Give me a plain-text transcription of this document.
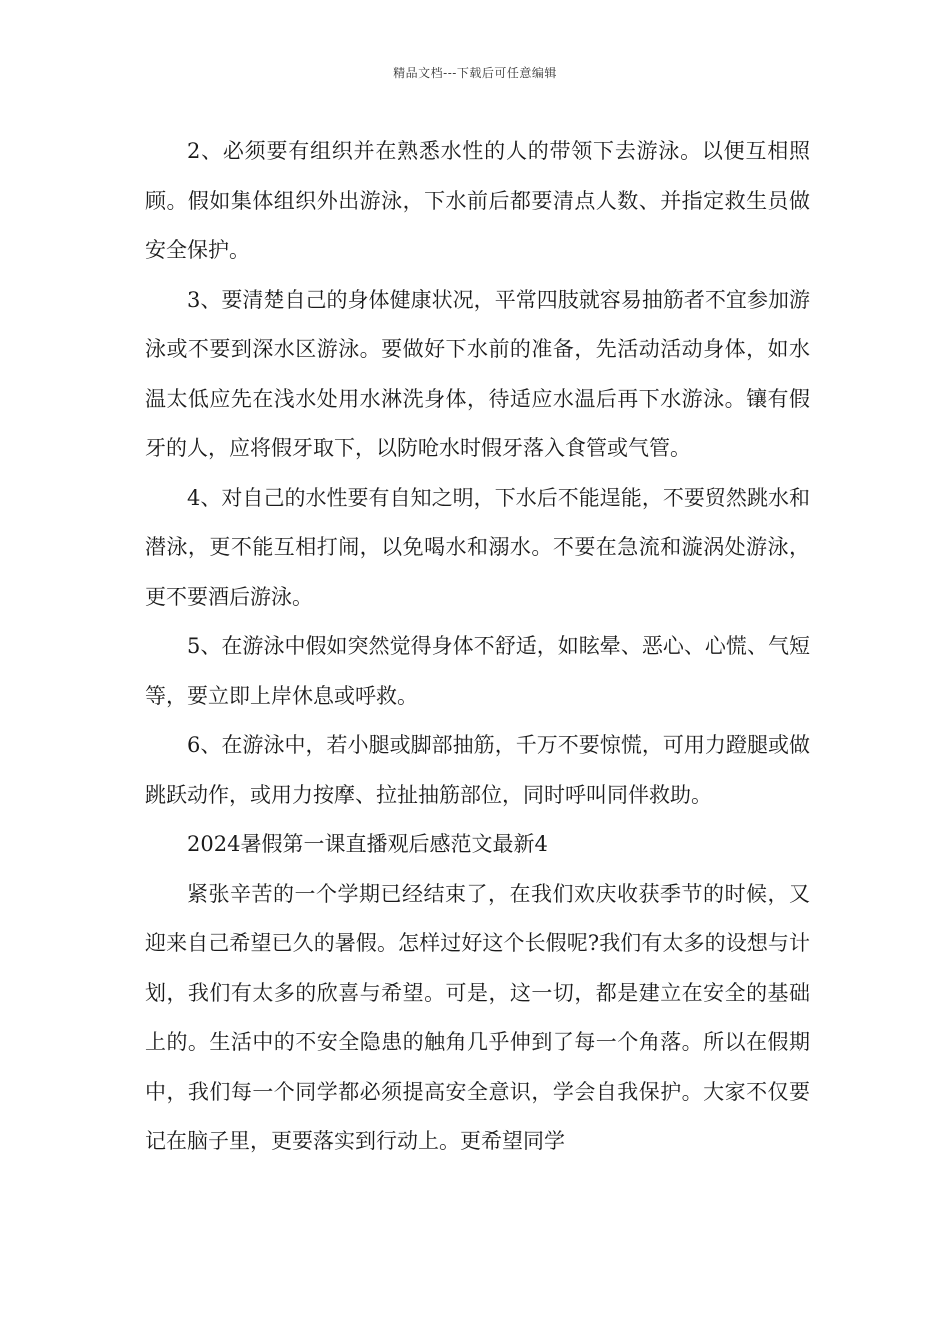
精品文档---下载后可任意编辑

2、必须要有组织并在熟悉水性的人的带领下去游泳。以便互相照顾。假如集体组织外出游泳，下水前后都要清点人数、并指定救生员做安全保护。

3、要清楚自己的身体健康状况，平常四肢就容易抽筋者不宜参加游泳或不要到深水区游泳。要做好下水前的准备，先活动活动身体，如水温太低应先在浅水处用水淋洗身体，待适应水温后再下水游泳。镶有假牙的人，应将假牙取下，以防呛水时假牙落入食管或气管。

4、对自己的水性要有自知之明，下水后不能逞能，不要贸然跳水和潜泳，更不能互相打闹，以免喝水和溺水。不要在急流和漩涡处游泳，更不要酒后游泳。

5、在游泳中假如突然觉得身体不舒适，如眩晕、恶心、心慌、气短等，要立即上岸休息或呼救。

6、在游泳中，若小腿或脚部抽筋，千万不要惊慌，可用力蹬腿或做跳跃动作，或用力按摩、拉扯抽筋部位，同时呼叫同伴救助。

2024暑假第一课直播观后感范文最新4

紧张辛苦的一个学期已经结束了，在我们欢庆收获季节的时候，又迎来自己希望已久的暑假。怎样过好这个长假呢?我们有太多的设想与计划，我们有太多的欣喜与希望。可是，这一切，都是建立在安全的基础上的。生活中的不安全隐患的触角几乎伸到了每一个角落。所以在假期中，我们每一个同学都必须提高安全意识，学会自我保护。大家不仅要记在脑子里，更要落实到行动上。更希望同学
